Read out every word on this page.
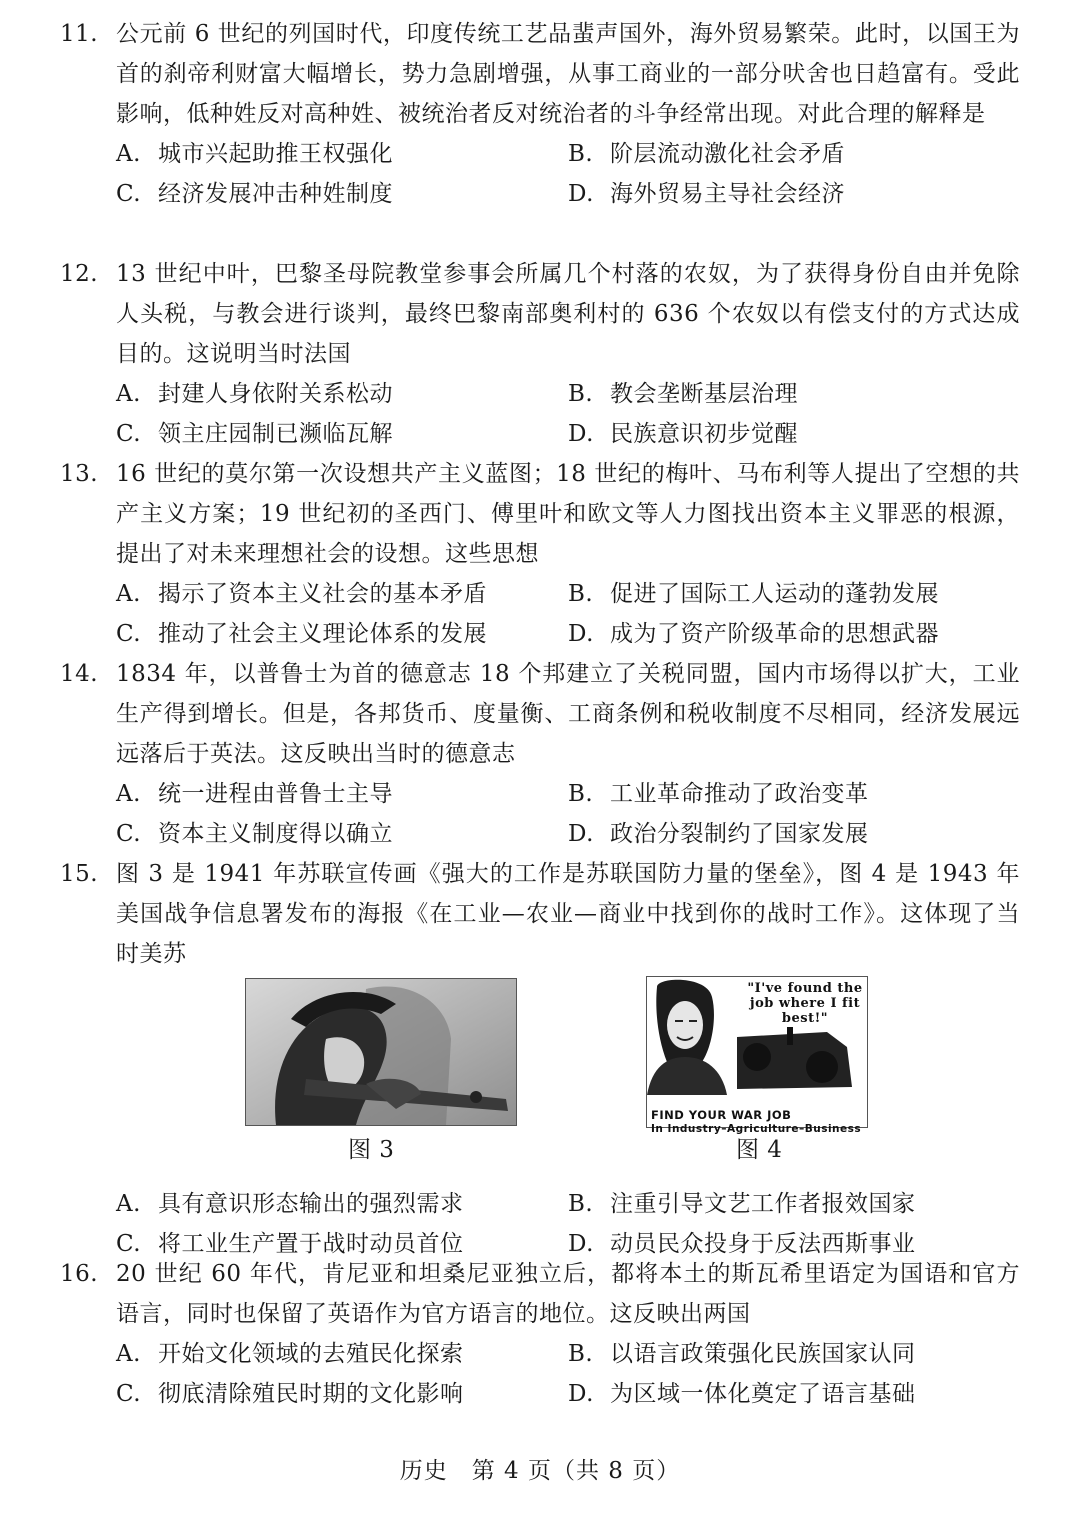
11. 公元前 6 世纪的列国时代，印度传统工艺品蜚声国外，海外贸易繁荣。此时，以国王为首的刹帝利财富大幅增长，势力急剧增强，从事工商业的一部分吠舍也日趋富有。受此影响，低种姓反对高种姓、被统治者反对统治者的斗争经常出现。对此合理的解释是
A. 城市兴起助推王权强化	B. 阶层流动激化社会矛盾
C. 经济发展冲击种姓制度	D. 海外贸易主导社会经济
12. 13 世纪中叶，巴黎圣母院教堂参事会所属几个村落的农奴，为了获得身份自由并免除人头税，与教会进行谈判，最终巴黎南部奥利村的 636 个农奴以有偿支付的方式达成目的。这说明当时法国
A. 封建人身依附关系松动	B. 教会垄断基层治理
C. 领主庄园制已濒临瓦解	D. 民族意识初步觉醒
13. 16 世纪的莫尔第一次设想共产主义蓝图；18 世纪的梅叶、马布利等人提出了空想的共产主义方案；19 世纪初的圣西门、傅里叶和欧文等人力图找出资本主义罪恶的根源，提出了对未来理想社会的设想。这些思想
A. 揭示了资本主义社会的基本矛盾	B. 促进了国际工人运动的蓬勃发展
C. 推动了社会主义理论体系的发展	D. 成为了资产阶级革命的思想武器
14. 1834 年，以普鲁士为首的德意志 18 个邦建立了关税同盟，国内市场得以扩大，工业生产得到增长。但是，各邦货币、度量衡、工商条例和税收制度不尽相同，经济发展远远落后于英法。这反映出当时的德意志
A. 统一进程由普鲁士主导	B. 工业革命推动了政治变革
C. 资本主义制度得以确立	D. 政治分裂制约了国家发展
15. 图 3 是 1941 年苏联宣传画《强大的工作是苏联国防力量的堡垒》，图 4 是 1943 年美国战争信息署发布的海报《在工业—农业—商业中找到你的战时工作》。这体现了当时美苏
"I've found the job where I fit best!"
FIND YOUR WAR JOB
In Industry–Agriculture–Business
图 3	图 4
A. 具有意识形态输出的强烈需求	B. 注重引导文艺工作者报效国家
C. 将工业生产置于战时动员首位	D. 动员民众投身于反法西斯事业
16. 20 世纪 60 年代，肯尼亚和坦桑尼亚独立后，都将本土的斯瓦希里语定为国语和官方语言，同时也保留了英语作为官方语言的地位。这反映出两国
A. 开始文化领域的去殖民化探索	B. 以语言政策强化民族国家认同
C. 彻底清除殖民时期的文化影响	D. 为区域一体化奠定了语言基础
历史　第 4 页（共 8 页）
